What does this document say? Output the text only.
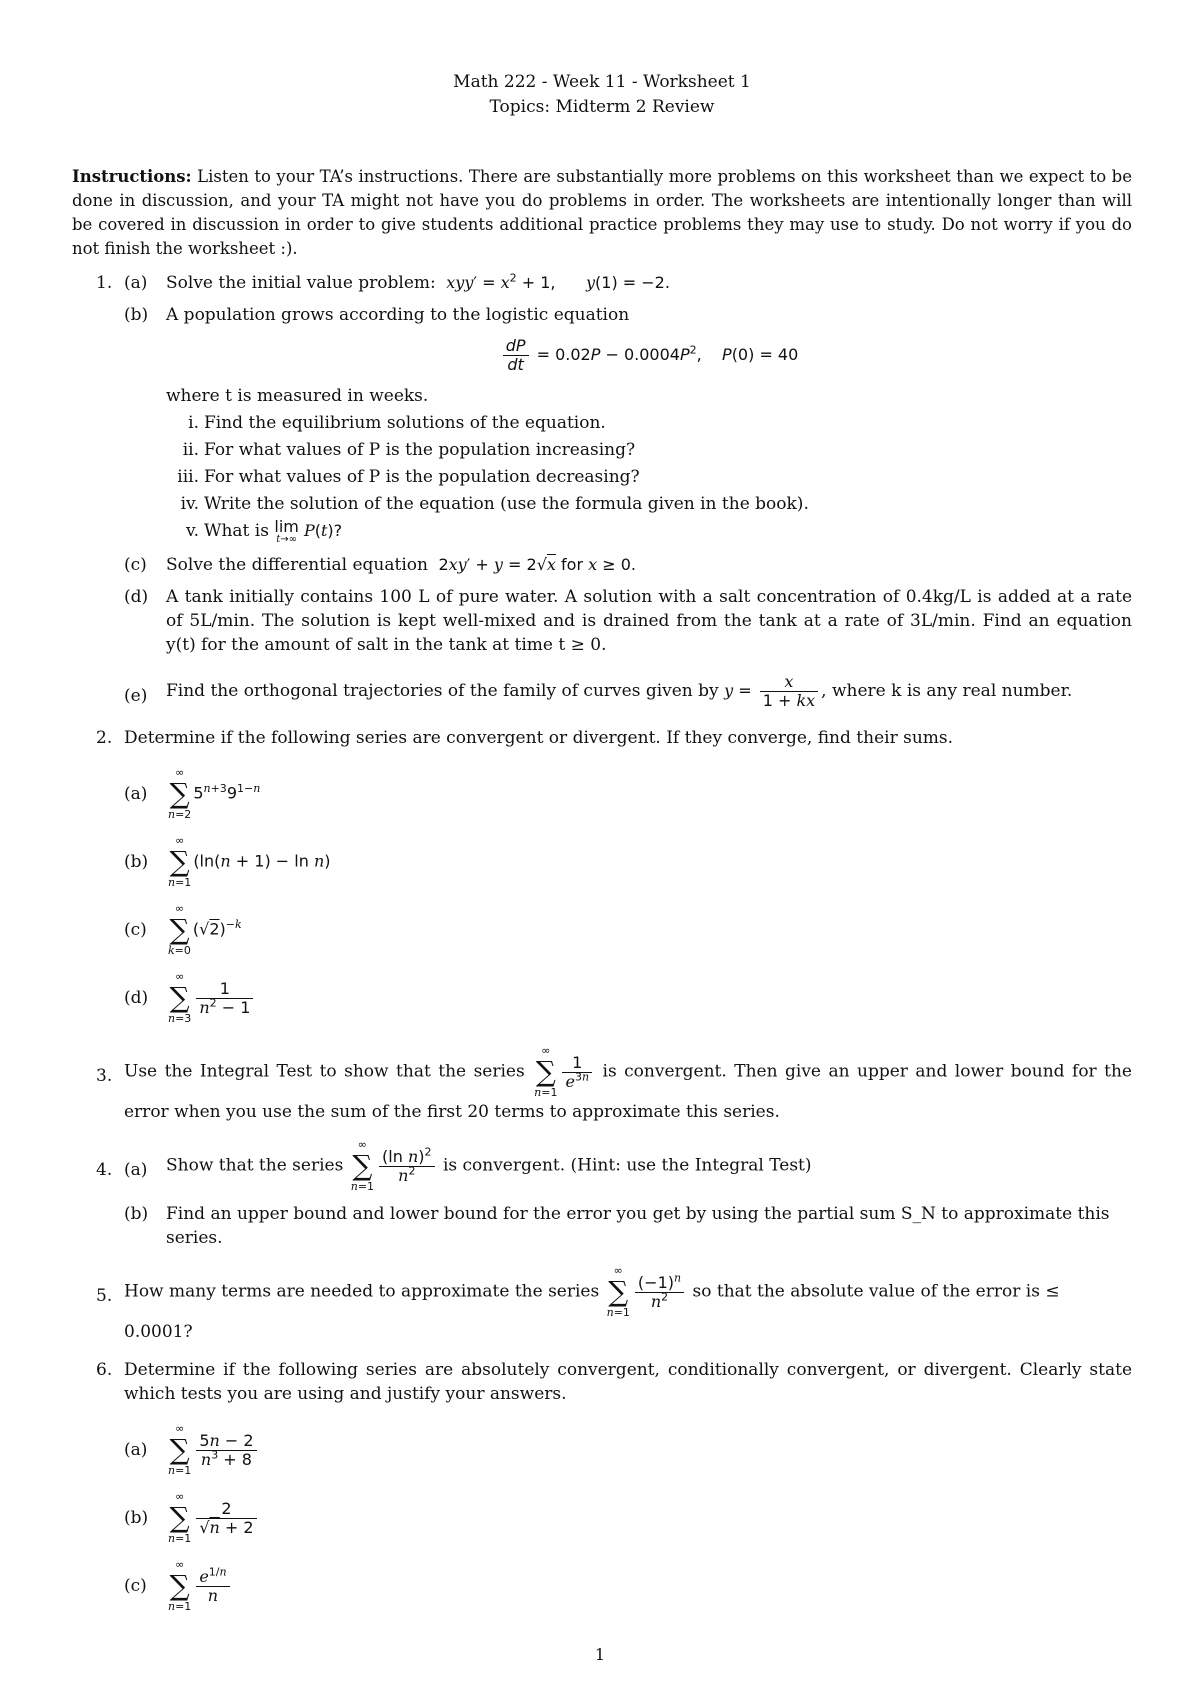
Math 222 - Week 11 - Worksheet 1
Topics: Midterm 2 Review
Instructions: Listen to your TA’s instructions. There are substantially more problems on this worksheet than we expect to be done in discussion, and your TA might not have you do problems in order. The worksheets are intentionally longer than will be covered in discussion in order to give students additional practice problems they may use to study. Do not worry if you do not finish the worksheet :).
1. (a) Solve the initial value problem: $xyy' = x^2 + 1$,      y(1) = −2.
(b) A population grows according to the logistic equation
$\frac{dP}{dt} = 0.02P - 0.0004P^2$,    P(0) = 40
where t is measured in weeks.
i. Find the equilibrium solutions of the equation.
ii. For what values of P is the population increasing?
iii. For what values of P is the population decreasing?
iv. Write the solution of the equation (use the formula given in the book).
v. What is lim
t→∞ P(t)?
(c) Solve the differential equation  2xy′ + y = 2√x for x ≥ 0.
(d) A tank initially contains 100 L of pure water. A solution with a salt concentration of 0.4kg/L is added at a rate of 5L/min. The solution is kept well-mixed and is drained from the tank at a rate of 3L/min. Find an equation y(t) for the amount of salt in the tank at time t ≥ 0.
(e) Find the orthogonal trajectories of the family of curves given by $y = \frac{x}{1 + kx}$ , where k is any real number.
2. Determine if the following series are convergent or divergent. If they converge, find their sums.
(a)
∞
∑
n=2
$5^{n+3}9^{1-n}$
(b)
∞
∑
n=1
(ln(n + 1) − ln n)
(c)
∞
∑
k=0
$(√2)^{-k}$
(d)
∞
∑
n=3
$\frac{1}{n^2 - 1}$
3. Use the Integral Test to show that the series
∞
∑
n=1
$\frac{1}{e^{3n}}$ is convergent. Then give an upper and lower bound for the error when you use the sum of the first 20 terms to approximate this series.
4. (a) Show that the series
∞
∑
n=1
$\frac{(\ln n)^2}{n^2}$ is convergent. (Hint: use the Integral Test)
(b) Find an upper bound and lower bound for the error you get by using the partial sum S_N to approximate this series.
5. How many terms are needed to approximate the series
∞
∑
n=1
$\frac{(-1)^n}{n^2}$ so that the absolute value of the error is ≤ 0.0001?
6. Determine if the following series are absolutely convergent, conditionally convergent, or divergent. Clearly state which tests you are using and justify your answers.
(a)
∞
∑
n=1
$\frac{5n - 2}{n^3 + 8}$
(b)
∞
∑
n=1
$\frac{2}{√n + 2}$
(c)
∞
∑
n=1
$\frac{e^{1/n}}{n}$
1
